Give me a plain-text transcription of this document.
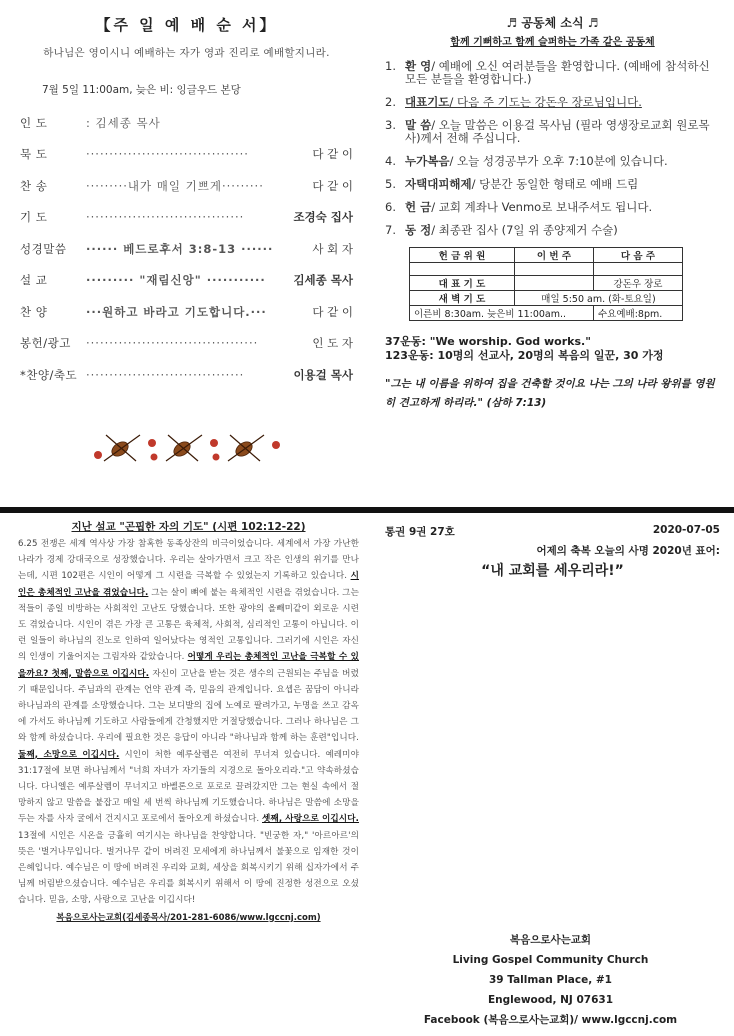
【주 일 예 배 순 서】
하나님은 영이시니 예배하는 자가 영과 진리로 예배할지니라.
7월 5일 11:00am, 늦은 비: 잉글우드 본당
인 도	: 김세종 목사
묵 도	···································	다 같 이
찬 송	·········내가 매일 기쁘게·········	다 같 이
기 도	··································	조경숙 집사
성경말씀	······ 베드로후서 3:8-13 ······	사 회 자
설 교	········· "재림신앙" ···········	김세종 목사
찬 양	···원하고 바라고 기도합니다.···	다 같 이
봉헌/광고	·····································	인 도 자
*찬양/축도 ··································	이용걸 목사
♬ 공동체 소식 ♬
함께 기뻐하고 함께 슬퍼하는 가족 같은 공동체
1. 환 영/ 예배에 오신 여러분들을 환영합니다. (예배에 참석하신 모든 분들을 환영합니다.)
2. 대표기도/ 다음 주 기도는 강돈우 장로님입니다.
3. 말 씀/ 오늘 말씀은 이용걸 목사님 (필라 영생장로교회 원로목사)께서 전해 주십니다.
4. 누가복음/ 오늘 성경공부가 오후 7:10분에 있습니다.
5. 자택대피해제/ 당분간 동일한 형태로 예배 드림
6. 헌 금/ 교회 계좌나 Venmo로 보내주셔도 됩니다.
7. 동 정/ 최종관 집사 (7일 위 종양제거 수술)
헌 금 위 원	이 번 주	다 음 주

대 표 기 도		강돈우 장로
새 벽 기 도	매일 5:50 am. (화-토요일)	
이른비 8:30am. 늦은비 11:00am..		수요예배:8pm.
37운동: "We worship. God works."
123운동: 10명의 선교사, 20명의 복음의 일꾼, 30 가정
"그는 내 이름을 위하여 집을 건축할 것이요 나는 그의 나라 왕위를 영원히 견고하게 하리라." (삼하 7:13)
지난 설교 "곤핍한 자의 기도" (시편 102:12-22)
6.25 전쟁은 세계 역사상 가장 참혹한 동족상잔의 비극이었습니다. 세계에서 가장 가난한 나라가 경제 강대국으로 성장했습니다. 우리는 살아가면서 크고 작은 인생의 위기를 만나는데, 시편 102편은 시인이 어떻게 그 시련을 극복할 수 있었는지 기록하고 있습니다. 시인은 총체적인 고난을 겪었습니다. 그는 살이 뼈에 붙는 육체적인 시련을 겪었습니다. 그는 적들이 종일 비방하는 사회적인 고난도 당했습니다. 또한 광야의 올빼미같이 외로운 시련도 겪었습니다. 시인이 겪은 가장 큰 고통은 육체적, 사회적, 심리적인 고통이 아닙니다. 이런 일들이 하나님의 진노로 인하여 일어났다는 영적인 고통입니다. 그러기에 시인은 자신의 인생이 기울어지는 그림자와 같았습니다. 어떻게 우리는 총체적인 고난을 극복할 수 있을까요? 첫째, 말씀으로 이깁시다. 자신이 고난을 받는 것은 생수의 근원되는 주님을 버렸기 때문입니다. 주님과의 관계는 언약 관계 즉, 믿음의 관계입니다. 요셉은 꿈담이 아니라 하나님과의 관계를 소망했습니다. 그는 보디발의 집에 노예로 팔려가고, 누명을 쓰고 감옥에 가서도 하나님께 기도하고 사람들에게 간청했지만 거절당했습니다. 그러나 하나님은 그와 함께 하셨습니다. 우리에 필요한 것은 응답이 아니라 "하나님과 함께 하는 훈련"입니다. 둘째, 소망으로 이깁시다. 시인이 처한 예루살렘은 여전히 무너져 있습니다. 예레미야 31:17절에 보면 하나님께서 "너희 자녀가 자기들의 지경으로 돌아오리라."고 약속하셨습니다. 다니엘은 예루살렘이 무너지고 바벨론으로 포로로 끌려갔지만 그는 현실 속에서 절망하지 않고 말씀을 붙잡고 매일 세 번씩 하나님께 기도했습니다. 하나님은 말씀에 소망을 두는 자를 사자 굴에서 건지시고 포로에서 돌아오게 하셨습니다. 셋째, 사랑으로 이깁시다. 13절에 시인은 시온을 긍휼히 여기시는 하나님을 찬양합니다. "빈궁한 자," '아르아르'의 뜻은 '벌거나무입니다. 벌거나무 같이 버려진 모세에게 하나님께서 불꽃으로 임재한 것이 은혜입니다. 예수님은 이 땅에 버려진 우리와 교회, 세상을 회복시키기 위해 십자가에서 주님께 버림받으셨습니다. 예수님은 우리를 회복시키 위해서 이 땅에 진정한 성전으로 오셨습니다. 믿음, 소망, 사랑으로 고난을 이깁시다!
복음으로사는교회(김세종목사/201-281-6086/www.lgccnj.com)
통권 9권 27호	2020-07-05
어제의 축복 오늘의 사명 2020년 표어:
“내 교회를 세우리라!”
복음으로사는교회
Living Gospel Community Church
39 Tallman Place, #1
Englewood, NJ 07631
Facebook (복음으로사는교회)/ www.lgccnj.com
